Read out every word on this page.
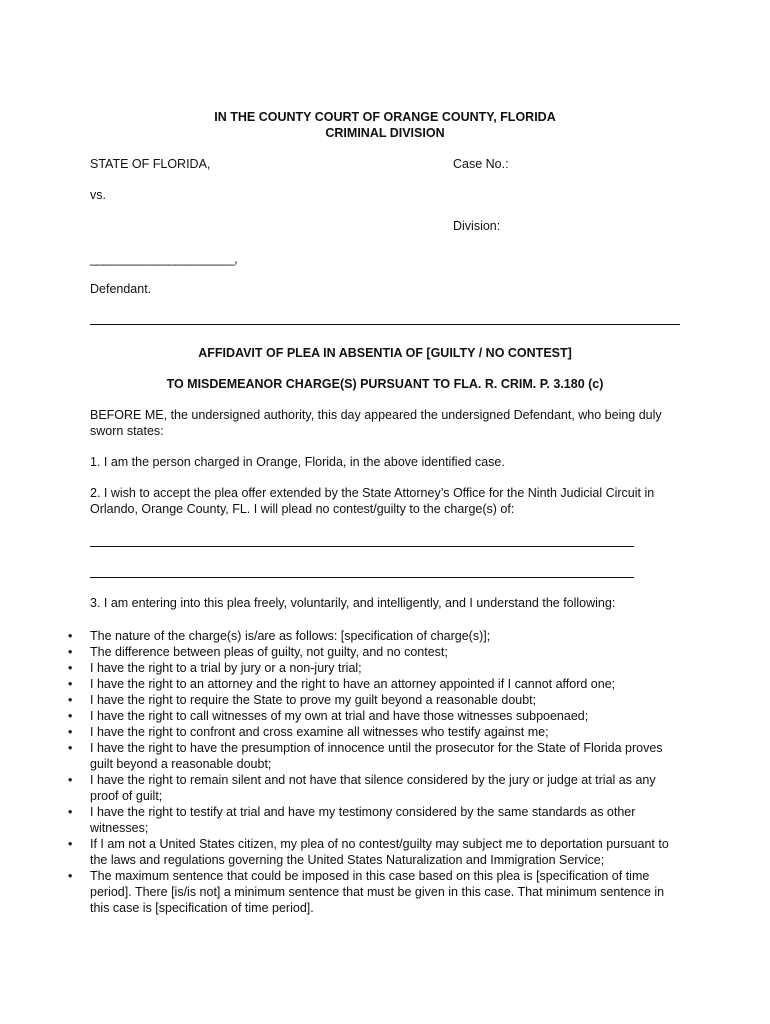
IN THE COUNTY COURT OF ORANGE COUNTY, FLORIDA

CRIMINAL DIVISION

STATE OF FLORIDA,	Case No.:

vs.

Division:

______________________,

Defendant.

AFFIDAVIT OF PLEA IN ABSENTIA OF [GUILTY / NO CONTEST]

TO MISDEMEANOR CHARGE(S) PURSUANT TO FLA. R. CRIM. P. 3.180 (c)

BEFORE ME, the undersigned authority, this day appeared the undersigned Defendant, who being duly sworn states:

1. I am the person charged in Orange, Florida, in the above identified case.

2. I wish to accept the plea offer extended by the State Attorney’s Office for the Ninth Judicial Circuit in Orlando, Orange County, FL. I will plead no contest/guilty to the charge(s) of:

3. I am entering into this plea freely, voluntarily, and intelligently, and I understand the following:

• The nature of the charge(s) is/are as follows: [specification of charge(s)];
• The difference between pleas of guilty, not guilty, and no contest;
• I have the right to a trial by jury or a non-jury trial;
• I have the right to an attorney and the right to have an attorney appointed if I cannot afford one;
• I have the right to require the State to prove my guilt beyond a reasonable doubt;
• I have the right to call witnesses of my own at trial and have those witnesses subpoenaed;
• I have the right to confront and cross examine all witnesses who testify against me;
• I have the right to have the presumption of innocence until the prosecutor for the State of Florida proves guilt beyond a reasonable doubt;
• I have the right to remain silent and not have that silence considered by the jury or judge at trial as any proof of guilt;
• I have the right to testify at trial and have my testimony considered by the same standards as other witnesses;
• If I am not a United States citizen, my plea of no contest/guilty may subject me to deportation pursuant to the laws and regulations governing the United States Naturalization and Immigration Service;
• The maximum sentence that could be imposed in this case based on this plea is [specification of time period]. There [is/is not] a minimum sentence that must be given in this case. That minimum sentence in this case is [specification of time period].
